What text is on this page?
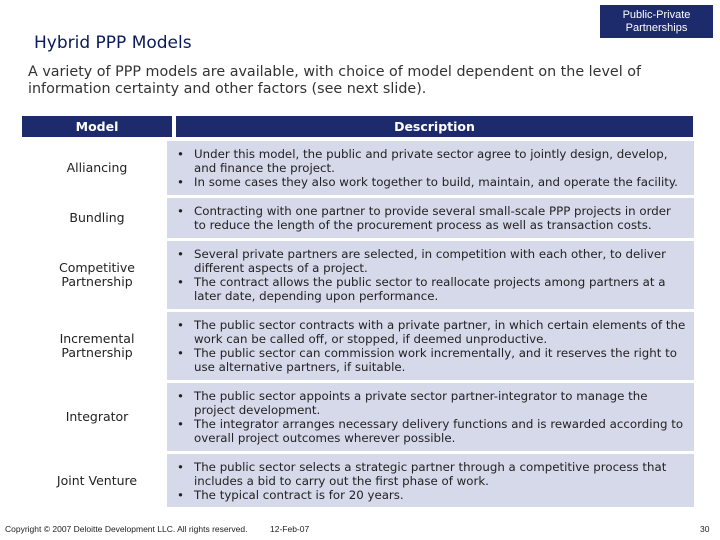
Hybrid PPP Models
Public-Private
Partnerships
A variety of PPP models are available, with choice of model dependent on the level of information certainty and other factors (see next slide).
Model	Description
Alliancing
• Under this model, the public and private sector agree to jointly design, develop, and finance the project.
• In some cases they also work together to build, maintain, and operate the facility.
Bundling
•	Contracting with one partner to provide several small-scale PPP projects in order to reduce the length of the procurement process as well as transaction costs.
Competitive Partnership
• Several private partners are selected, in competition with each other, to deliver different aspects of a project.
• The contract allows the public sector to reallocate projects among partners at a later date, depending upon performance.
Incremental Partnership
• The public sector contracts with a private partner, in which certain elements of the work can be called off, or stopped, if deemed unproductive.
• The public sector can commission work incrementally, and it reserves the right to use alternative partners, if suitable.
Integrator
• The public sector appoints a private sector partner-integrator to manage the project development.
• The integrator arranges necessary delivery functions and is rewarded according to overall project outcomes wherever possible.
Joint Venture
• The public sector selects a strategic partner through a competitive process that includes a bid to carry out the first phase of work.
• The typical contract is for 20 years.
Copyright © 2007 Deloitte Development LLC. All rights reserved.	12-Feb-07	30
